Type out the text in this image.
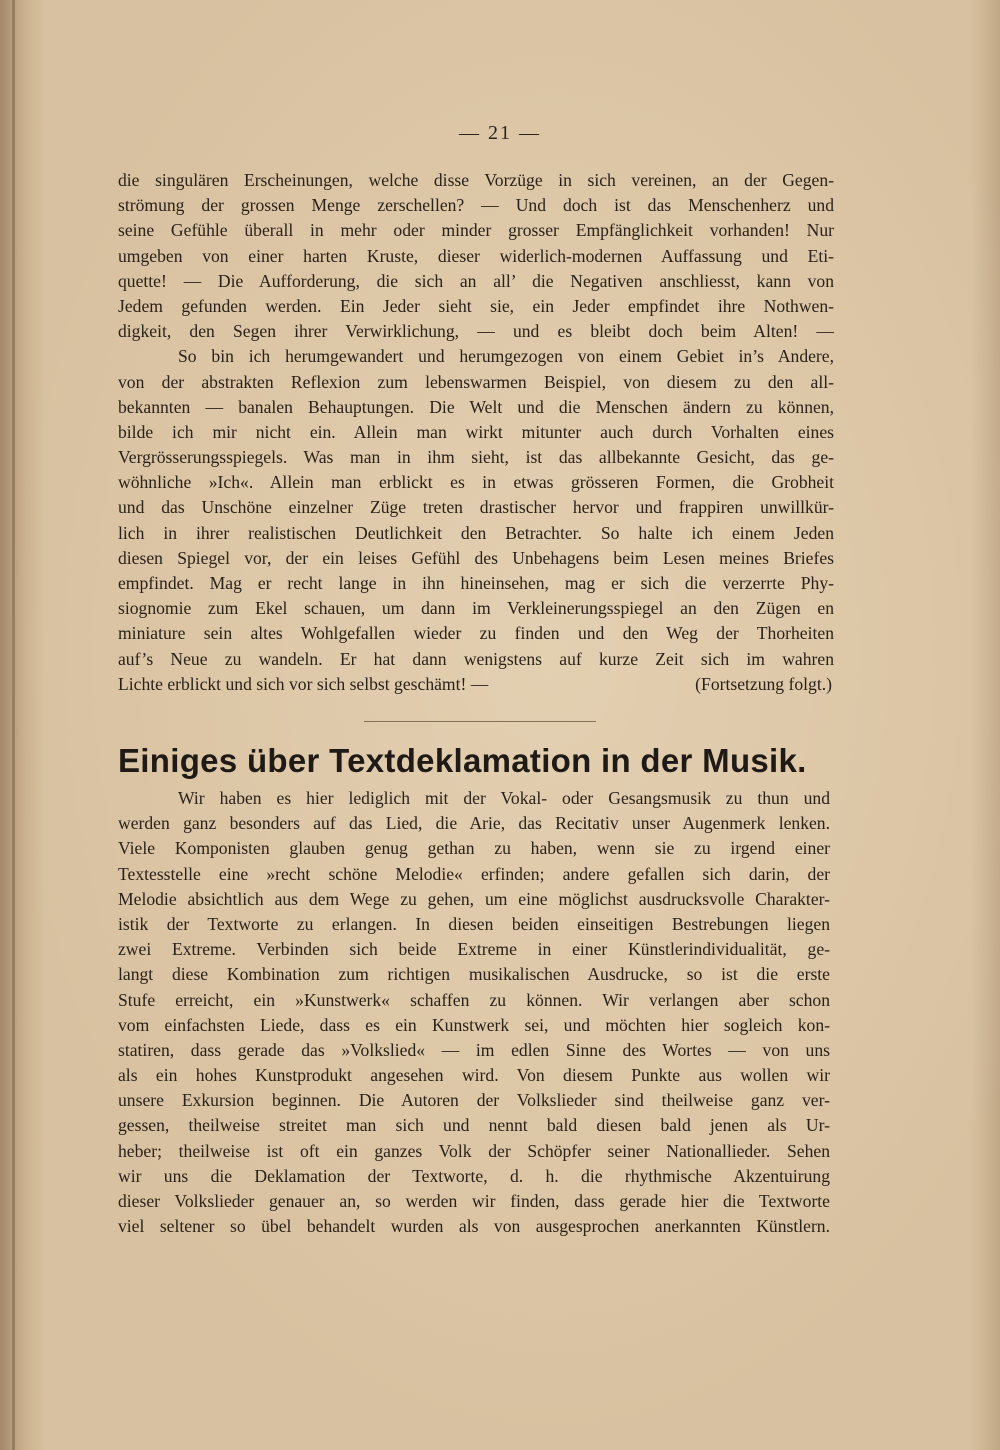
— 21 —
die singulären Erscheinungen, welche disse Vorzüge in sich vereinen, an der Gegen-
strömung der grossen Menge zerschellen? — Und doch ist das Menschenherz und
seine Gefühle überall in mehr oder minder grosser Empfänglichkeit vorhanden! Nur
umgeben von einer harten Kruste, dieser widerlich-modernen Auffassung und Eti-
quette! — Die Aufforderung, die sich an all’ die Negativen anschliesst, kann von
Jedem gefunden werden. Ein Jeder sieht sie, ein Jeder empfindet ihre Nothwen-
digkeit, den Segen ihrer Verwirklichung, — und es bleibt doch beim Alten! —
So bin ich herumgewandert und herumgezogen von einem Gebiet in’s Andere,
von der abstrakten Reflexion zum lebenswarmen Beispiel, von diesem zu den all-
bekannten — banalen Behauptungen. Die Welt und die Menschen ändern zu können,
bilde ich mir nicht ein. Allein man wirkt mitunter auch durch Vorhalten eines
Vergrösserungsspiegels. Was man in ihm sieht, ist das allbekannte Gesicht, das ge-
wöhnliche »Ich«. Allein man erblickt es in etwas grösseren Formen, die Grobheit
und das Unschöne einzelner Züge treten drastischer hervor und frappiren unwillkür-
lich in ihrer realistischen Deutlichkeit den Betrachter. So halte ich einem Jeden
diesen Spiegel vor, der ein leises Gefühl des Unbehagens beim Lesen meines Briefes
empfindet. Mag er recht lange in ihn hineinsehen, mag er sich die verzerrte Phy-
siognomie zum Ekel schauen, um dann im Verkleinerungsspiegel an den Zügen en
miniature sein altes Wohlgefallen wieder zu finden und den Weg der Thorheiten
auf’s Neue zu wandeln. Er hat dann wenigstens auf kurze Zeit sich im wahren
Lichte erblickt und sich vor sich selbst geschämt! —	(Fortsetzung folgt.)
Einiges über Textdeklamation in der Musik.
Wir haben es hier lediglich mit der Vokal- oder Gesangsmusik zu thun und
werden ganz besonders auf das Lied, die Arie, das Recitativ unser Augenmerk lenken.
Viele Komponisten glauben genug gethan zu haben, wenn sie zu irgend einer
Textesstelle eine »recht schöne Melodie« erfinden; andere gefallen sich darin, der
Melodie absichtlich aus dem Wege zu gehen, um eine möglichst ausdrucksvolle Charakter-
istik der Textworte zu erlangen. In diesen beiden einseitigen Bestrebungen liegen
zwei Extreme. Verbinden sich beide Extreme in einer Künstlerindividualität, ge-
langt diese Kombination zum richtigen musikalischen Ausdrucke, so ist die erste
Stufe erreicht, ein »Kunstwerk« schaffen zu können. Wir verlangen aber schon
vom einfachsten Liede, dass es ein Kunstwerk sei, und möchten hier sogleich kon-
statiren, dass gerade das »Volkslied« — im edlen Sinne des Wortes — von uns
als ein hohes Kunstprodukt angesehen wird. Von diesem Punkte aus wollen wir
unsere Exkursion beginnen. Die Autoren der Volkslieder sind theilweise ganz ver-
gessen, theilweise streitet man sich und nennt bald diesen bald jenen als Ur-
heber; theilweise ist oft ein ganzes Volk der Schöpfer seiner Nationallieder. Sehen
wir uns die Deklamation der Textworte, d. h. die rhythmische Akzentuirung
dieser Volkslieder genauer an, so werden wir finden, dass gerade hier die Textworte
viel seltener so übel behandelt wurden als von ausgesprochen anerkannten Künstlern.
